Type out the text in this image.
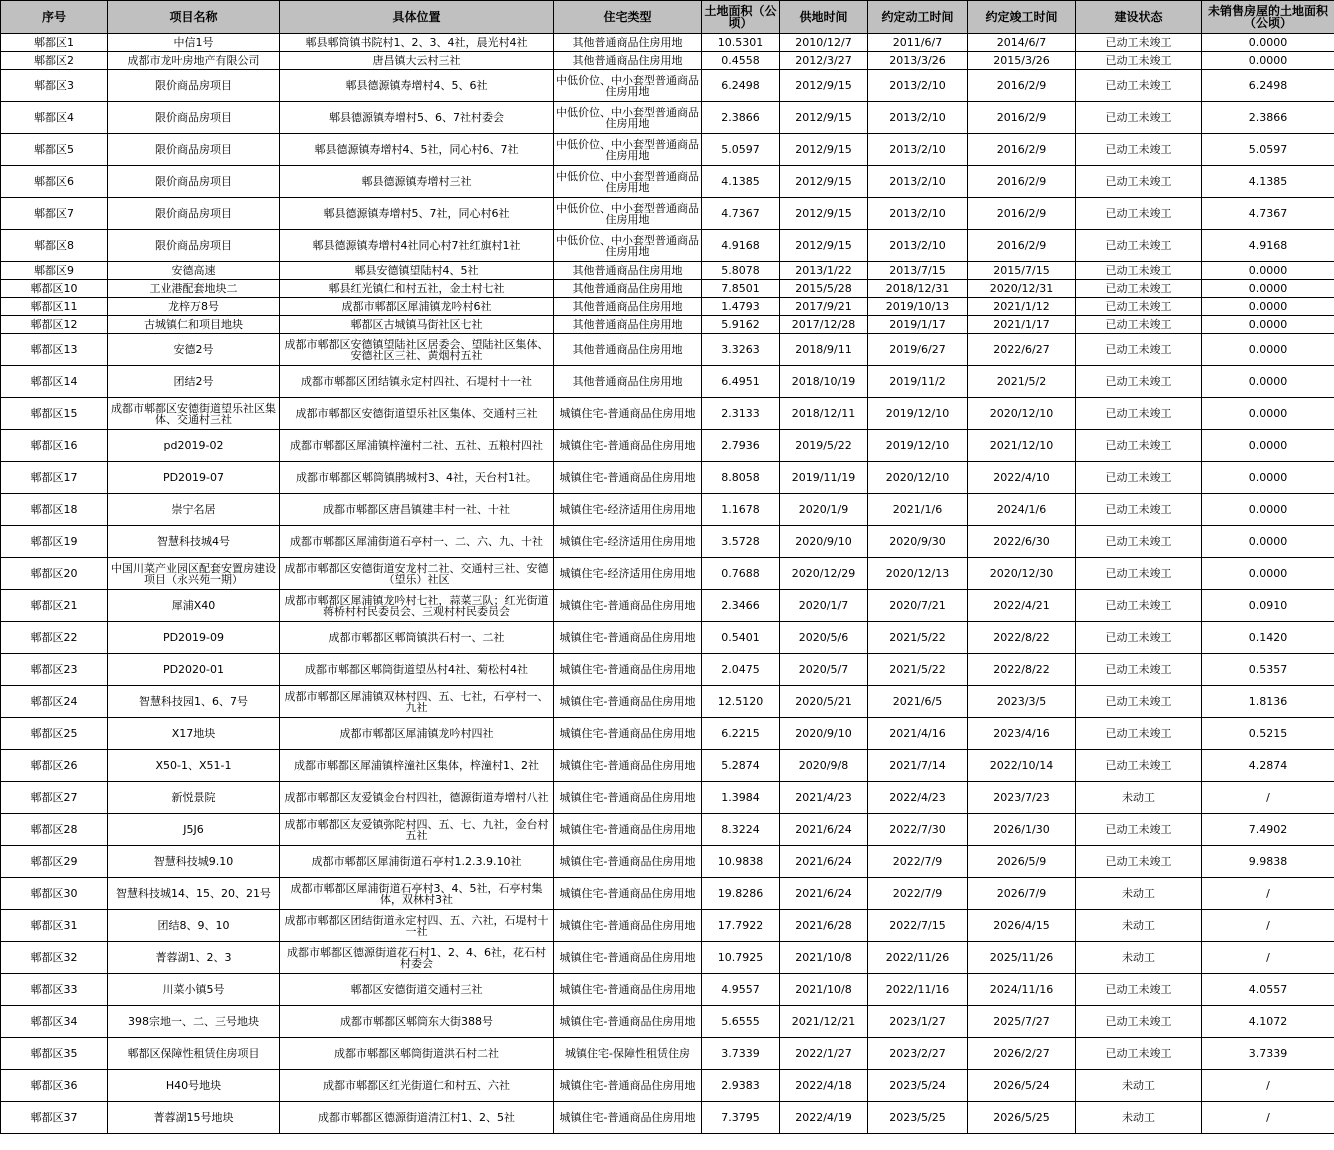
序号	项目名称	具体位置	住宅类型	土地面积（公顷）	供地时间	约定动工时间	约定竣工时间	建设状态	未销售房屋的土地面积（公顷）
郫都区1	中信1号	郫县郫筒镇书院村1、2、3、4社，晨光村4社	其他普通商品住房用地	10.5301	2010/12/7	2011/6/7	2014/6/7	已动工未竣工	0.0000
郫都区2	成都市龙叶房地产有限公司	唐昌镇大云村三社	其他普通商品住房用地	0.4558	2012/3/27	2013/3/26	2015/3/26	已动工未竣工	0.0000
郫都区3	限价商品房项目	郫县德源镇寿增村4、5、6社	中低价位、中小套型普通商品住房用地	6.2498	2012/9/15	2013/2/10	2016/2/9	已动工未竣工	6.2498
郫都区4	限价商品房项目	郫县德源镇寿增村5、6、7社村委会	中低价位、中小套型普通商品住房用地	2.3866	2012/9/15	2013/2/10	2016/2/9	已动工未竣工	2.3866
郫都区5	限价商品房项目	郫县德源镇寿增村4、5社，同心村6、7社	中低价位、中小套型普通商品住房用地	5.0597	2012/9/15	2013/2/10	2016/2/9	已动工未竣工	5.0597
郫都区6	限价商品房项目	郫县德源镇寿增村三社	中低价位、中小套型普通商品住房用地	4.1385	2012/9/15	2013/2/10	2016/2/9	已动工未竣工	4.1385
郫都区7	限价商品房项目	郫县德源镇寿增村5、7社，同心村6社	中低价位、中小套型普通商品住房用地	4.7367	2012/9/15	2013/2/10	2016/2/9	已动工未竣工	4.7367
郫都区8	限价商品房项目	郫县德源镇寿增村4社同心村7社红旗村1社	中低价位、中小套型普通商品住房用地	4.9168	2012/9/15	2013/2/10	2016/2/9	已动工未竣工	4.9168
郫都区9	安德高速	郫县安德镇望陆村4、5社	其他普通商品住房用地	5.8078	2013/1/22	2013/7/15	2015/7/15	已动工未竣工	0.0000
郫都区10	工业港配套地块二	郫县红光镇仁和村五社，金土村七社	其他普通商品住房用地	7.8501	2015/5/28	2018/12/31	2020/12/31	已动工未竣工	0.0000
郫都区11	龙梓万8号	成都市郫都区犀浦镇龙吟村6社	其他普通商品住房用地	1.4793	2017/9/21	2019/10/13	2021/1/12	已动工未竣工	0.0000
郫都区12	古城镇仁和项目地块	郫都区古城镇马街社区七社	其他普通商品住房用地	5.9162	2017/12/28	2019/1/17	2021/1/17	已动工未竣工	0.0000
郫都区13	安德2号	成都市郫都区安德镇望陆社区居委会、望陆社区集体、安德社区三社、黄烟村五社	其他普通商品住房用地	3.3263	2018/9/11	2019/6/27	2022/6/27	已动工未竣工	0.0000
郫都区14	团结2号	成都市郫都区团结镇永定村四社、石堤村十一社	其他普通商品住房用地	6.4951	2018/10/19	2019/11/2	2021/5/2	已动工未竣工	0.0000
郫都区15	成都市郫都区安德街道望乐社区集体、交通村三社	成都市郫都区安德街道望乐社区集体、交通村三社	城镇住宅-普通商品住房用地	2.3133	2018/12/11	2019/12/10	2020/12/10	已动工未竣工	0.0000
郫都区16	pd2019-02	成都市郫都区犀浦镇梓潼村二社、五社、五粮村四社	城镇住宅-普通商品住房用地	2.7936	2019/5/22	2019/12/10	2021/12/10	已动工未竣工	0.0000
郫都区17	PD2019-07	成都市郫都区郫筒镇鹃城村3、4社，天台村1社。	城镇住宅-普通商品住房用地	8.8058	2019/11/19	2020/12/10	2022/4/10	已动工未竣工	0.0000
郫都区18	崇宁名居	成都市郫都区唐昌镇建丰村一社、十社	城镇住宅-经济适用住房用地	1.1678	2020/1/9	2021/1/6	2024/1/6	已动工未竣工	0.0000
郫都区19	智慧科技城4号	成都市郫都区犀浦街道石亭村一、二、六、九、十社	城镇住宅-经济适用住房用地	3.5728	2020/9/10	2020/9/30	2022/6/30	已动工未竣工	0.0000
郫都区20	中国川菜产业园区配套安置房建设项目（永兴苑一期）	成都市郫都区安德街道安龙村二社、交通村三社、安德（望乐）社区	城镇住宅-经济适用住房用地	0.7688	2020/12/29	2020/12/13	2020/12/30	已动工未竣工	0.0000
郫都区21	犀浦X40	成都市郫都区犀浦镇龙吟村七社，蒜菜三队；红光街道蒋桥村村民委员会、三观村村民委员会	城镇住宅-普通商品住房用地	2.3466	2020/1/7	2020/7/21	2022/4/21	已动工未竣工	0.0910
郫都区22	PD2019-09	成都市郫都区郫筒镇洪石村一、二社	城镇住宅-普通商品住房用地	0.5401	2020/5/6	2021/5/22	2022/8/22	已动工未竣工	0.1420
郫都区23	PD2020-01	成都市郫都区郫筒街道望丛村4社、菊松村4社	城镇住宅-普通商品住房用地	2.0475	2020/5/7	2021/5/22	2022/8/22	已动工未竣工	0.5357
郫都区24	智慧科技园1、6、7号	成都市郫都区犀浦镇双林村四、五、七社，石亭村一、九社	城镇住宅-普通商品住房用地	12.5120	2020/5/21	2021/6/5	2023/3/5	已动工未竣工	1.8136
郫都区25	X17地块	成都市郫都区犀浦镇龙吟村四社	城镇住宅-普通商品住房用地	6.2215	2020/9/10	2021/4/16	2023/4/16	已动工未竣工	0.5215
郫都区26	X50-1、X51-1	成都市郫都区犀浦镇梓潼社区集体，梓潼村1、2社	城镇住宅-普通商品住房用地	5.2874	2020/9/8	2021/7/14	2022/10/14	已动工未竣工	4.2874
郫都区27	新悦景院	成都市郫都区友爱镇金台村四社，德源街道寿增村八社	城镇住宅-普通商品住房用地	1.3984	2021/4/23	2022/4/23	2023/7/23	未动工	/
郫都区28	J5J6	成都市郫都区友爱镇弥陀村四、五、七、九社，金台村五社	城镇住宅-普通商品住房用地	8.3224	2021/6/24	2022/7/30	2026/1/30	已动工未竣工	7.4902
郫都区29	智慧科技城9.10	成都市郫都区犀浦街道石亭村1.2.3.9.10社	城镇住宅-普通商品住房用地	10.9838	2021/6/24	2022/7/9	2026/5/9	已动工未竣工	9.9838
郫都区30	智慧科技城14、15、20、21号	成都市郫都区犀浦街道石亭村3、4、5社，石亭村集体，双林村3社	城镇住宅-普通商品住房用地	19.8286	2021/6/24	2022/7/9	2026/7/9	未动工	/
郫都区31	团结8、9、10	成都市郫都区团结街道永定村四、五、六社，石堤村十一社	城镇住宅-普通商品住房用地	17.7922	2021/6/28	2022/7/15	2026/4/15	未动工	/
郫都区32	菁蓉湖1、2、3	成都市郫都区德源街道花石村1、2、4、6社，花石村村委会	城镇住宅-普通商品住房用地	10.7925	2021/10/8	2022/11/26	2025/11/26	未动工	/
郫都区33	川菜小镇5号	郫都区安德街道交通村三社	城镇住宅-普通商品住房用地	4.9557	2021/10/8	2022/11/16	2024/11/16	已动工未竣工	4.0557
郫都区34	398宗地一、二、三号地块	成都市郫都区郫筒东大街388号	城镇住宅-普通商品住房用地	5.6555	2021/12/21	2023/1/27	2025/7/27	已动工未竣工	4.1072
郫都区35	郫都区保障性租赁住房项目	成都市郫都区郫筒街道洪石村二社	城镇住宅-保障性租赁住房	3.7339	2022/1/27	2023/2/27	2026/2/27	已动工未竣工	3.7339
郫都区36	H40号地块	成都市郫都区红光街道仁和村五、六社	城镇住宅-普通商品住房用地	2.9383	2022/4/18	2023/5/24	2026/5/24	未动工	/
郫都区37	菁蓉湖15号地块	成都市郫都区德源街道清江村1、2、5社	城镇住宅-普通商品住房用地	7.3795	2022/4/19	2023/5/25	2026/5/25	未动工	/
